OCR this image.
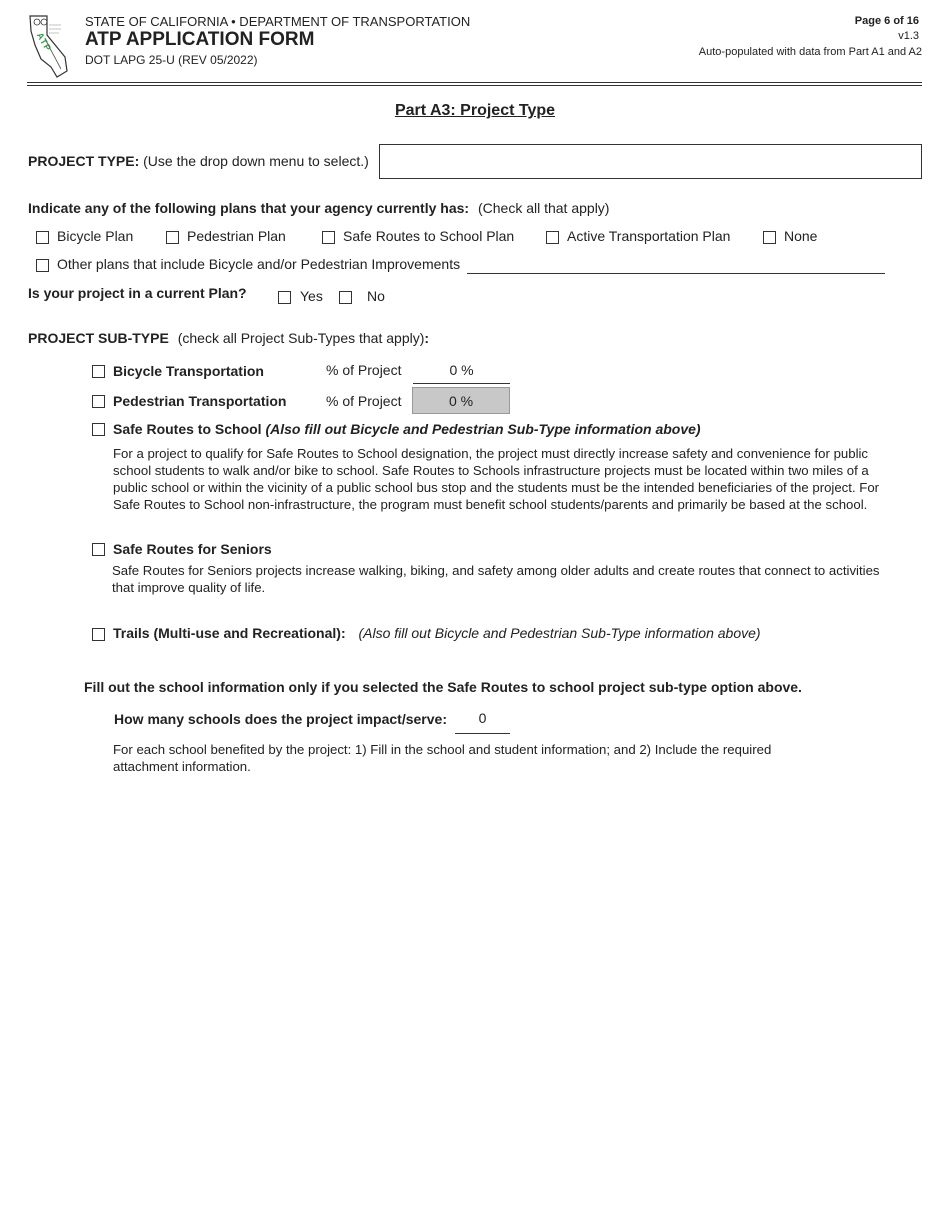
ATP
STATE OF CALIFORNIA • DEPARTMENT OF TRANSPORTATION
ATP APPLICATION FORM
DOT LAPG 25-U (REV 05/2022)
Page 6 of 16
v1.3
Auto-populated with data from Part A1 and A2
Part A3: Project Type
PROJECT TYPE: (Use the drop down menu to select.)
Indicate any of the following plans that your agency currently has: (Check all that apply)
Bicycle Plan	Pedestrian Plan	Safe Routes to School Plan	Active Transportation Plan	None
Other plans that include Bicycle and/or Pedestrian Improvements
Is your project in a current Plan?	Yes	No
PROJECT SUB-TYPE (check all Project Sub-Types that apply):
Bicycle Transportation	% of Project	0 %
Pedestrian Transportation	% of Project	0 %
Safe Routes to School (Also fill out Bicycle and Pedestrian Sub-Type information above)
For a project to qualify for Safe Routes to School designation, the project must directly increase safety and convenience for public school students to walk and/or bike to school. Safe Routes to Schools infrastructure projects must be located within two miles of a public school or within the vicinity of a public school bus stop and the students must be the intended beneficiaries of the project. For Safe Routes to School non-infrastructure, the program must benefit school students/parents and primarily be based at the school.
Safe Routes for Seniors
Safe Routes for Seniors projects increase walking, biking, and safety among older adults and create routes that connect to activities that improve quality of life.
Trails (Multi-use and Recreational): (Also fill out Bicycle and Pedestrian Sub-Type information above)
Fill out the school information only if you selected the Safe Routes to school project sub-type option above.
How many schools does the project impact/serve:	0
For each school benefited by the project: 1) Fill in the school and student information; and 2) Include the required attachment information.
